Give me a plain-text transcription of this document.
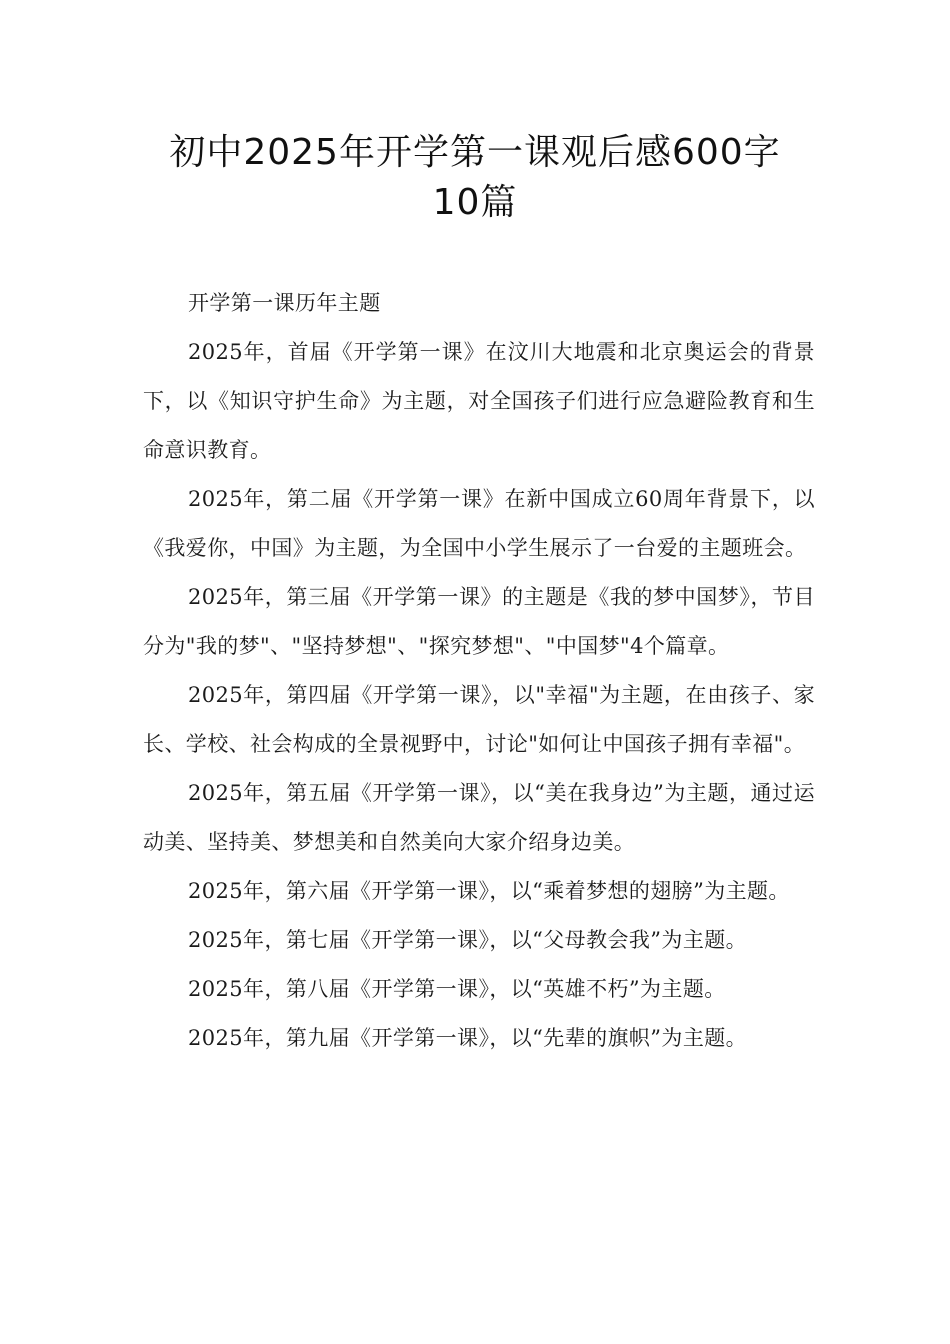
初中2025年开学第一课观后感600字
10篇

开学第一课历年主题

2025年，首届《开学第一课》在汶川大地震和北京奥运会的背景下，以《知识守护生命》为主题，对全国孩子们进行应急避险教育和生命意识教育。

2025年，第二届《开学第一课》在新中国成立60周年背景下，以《我爱你，中国》为主题，为全国中小学生展示了一台爱的主题班会。

2025年，第三届《开学第一课》的主题是《我的梦中国梦》，节目分为"我的梦"、"坚持梦想"、"探究梦想"、"中国梦"4个篇章。

2025年，第四届《开学第一课》，以"幸福"为主题，在由孩子、家长、学校、社会构成的全景视野中，讨论"如何让中国孩子拥有幸福"。

2025年，第五届《开学第一课》，以“美在我身边”为主题，通过运动美、坚持美、梦想美和自然美向大家介绍身边美。

2025年，第六届《开学第一课》，以“乘着梦想的翅膀”为主题。

2025年，第七届《开学第一课》，以“父母教会我”为主题。

2025年，第八届《开学第一课》，以“英雄不朽”为主题。

2025年，第九届《开学第一课》，以“先辈的旗帜”为主题。
